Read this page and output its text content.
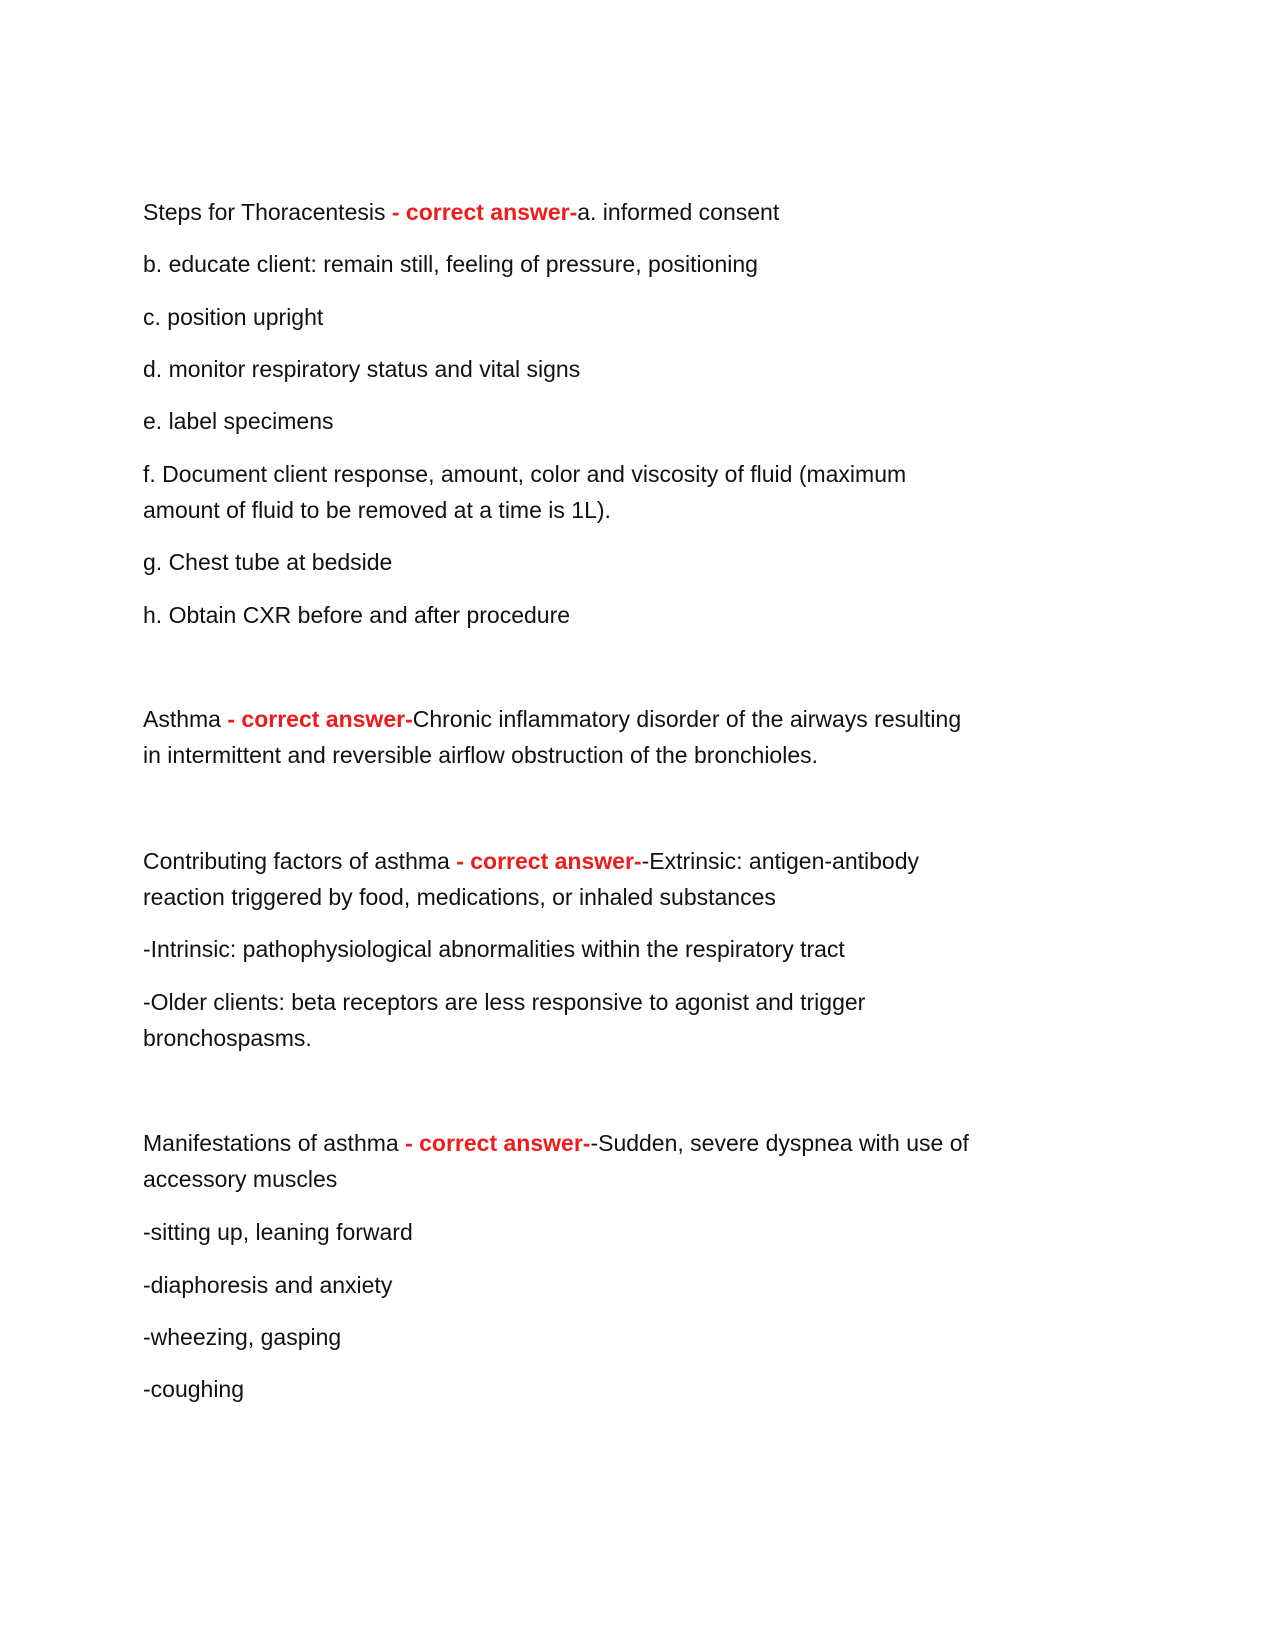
Steps for Thoracentesis - correct answer-a. informed consent
b. educate client: remain still, feeling of pressure, positioning
c. position upright
d. monitor respiratory status and vital signs
e. label specimens
f. Document client response, amount, color and viscosity of fluid (maximum
amount of fluid to be removed at a time is 1L).
g. Chest tube at bedside
h. Obtain CXR before and after procedure
Asthma - correct answer-Chronic inflammatory disorder of the airways resulting
in intermittent and reversible airflow obstruction of the bronchioles.
Contributing factors of asthma - correct answer--Extrinsic: antigen-antibody
reaction triggered by food, medications, or inhaled substances
-Intrinsic: pathophysiological abnormalities within the respiratory tract
-Older clients: beta receptors are less responsive to agonist and trigger
bronchospasms.
Manifestations of asthma - correct answer--Sudden, severe dyspnea with use of
accessory muscles
-sitting up, leaning forward
-diaphoresis and anxiety
-wheezing, gasping
-coughing
